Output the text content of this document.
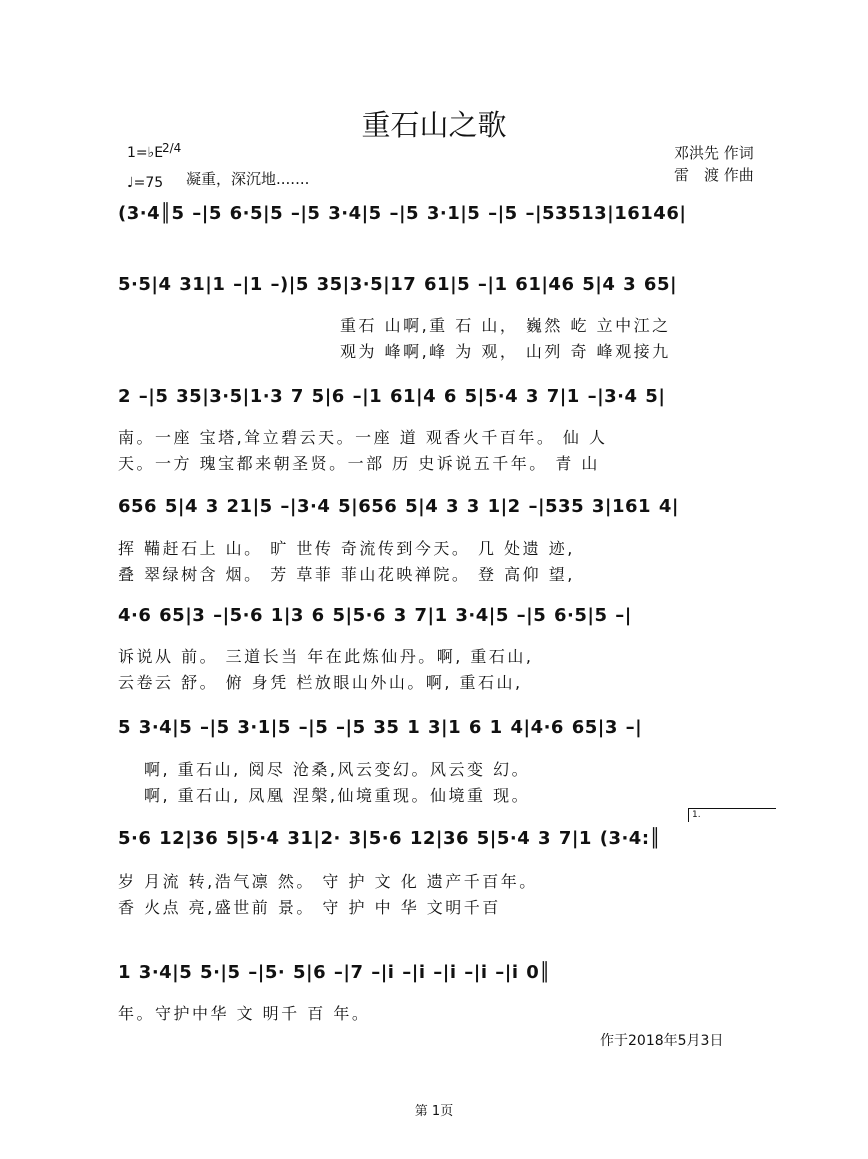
重石山之歌
1=♭E
2/4
♩=75 凝重，深沉地.......
邓洪先 作词
雷　渡 作曲
(3·4║5 –|5 6·5|5 –|5 3·4|5 –|5 3·1|5 –|5 –|53513|16146|
5·5|4 31|1 –|1 –)|5 35|3·5|17 61|5 –|1 61|46 5|4 3 65|
重石 山啊,重 石 山， 巍然 屹 立中江之
观为 峰啊,峰 为 观， 山列 奇 峰观接九
2 –|5 35|3·5|1·3 7 5|6 –|1 61|4 6 5|5·4 3 7|1 –|3·4 5|
南。一座 宝塔,耸立碧云天。一座 道 观香火千百年。 仙 人
天。一方 瑰宝都来朝圣贤。一部 历 史诉说五千年。 青 山
656 5|4 3 21|5 –|3·4 5|656 5|4 3 3 1|2 –|535 3|161 4|
挥 鞴赶石上 山。 旷 世传 奇流传到今天。 几 处遗 迹,
叠 翠绿树含 烟。 芳 草菲 菲山花映禅院。 登 高仰 望,
4·6 65|3 –|5·6 1|3 6 5|5·6 3 7|1 3·4|5 –|5 6·5|5 –|
诉说从 前。 三道长当 年在此炼仙丹。啊, 重石山,
云卷云 舒。 俯 身凭 栏放眼山外山。啊, 重石山,
5 3·4|5 –|5 3·1|5 –|5 –|5 35 1 3|1 6 1 4|4·6 65|3 –|
啊, 重石山, 阅尽 沧桑,风云变幻。风云变 幻。
啊, 重石山, 凤凰 涅槃,仙境重现。仙境重 现。
1.
5·6 12|36 5|5·4 31|2· 3|5·6 12|36 5|5·4 3 7|1 (3·4:║
岁 月流 转,浩气凛 然。 守 护 文 化 遗产千百年。
香 火点 亮,盛世前 景。 守 护 中 华 文明千百
1 3·4|5 5·|5 –|5· 5|6 –|7 –|i –|i –|i –|i –|i 0║
年。守护中华 文 明千 百 年。
作于2018年5月3日
第 1页
